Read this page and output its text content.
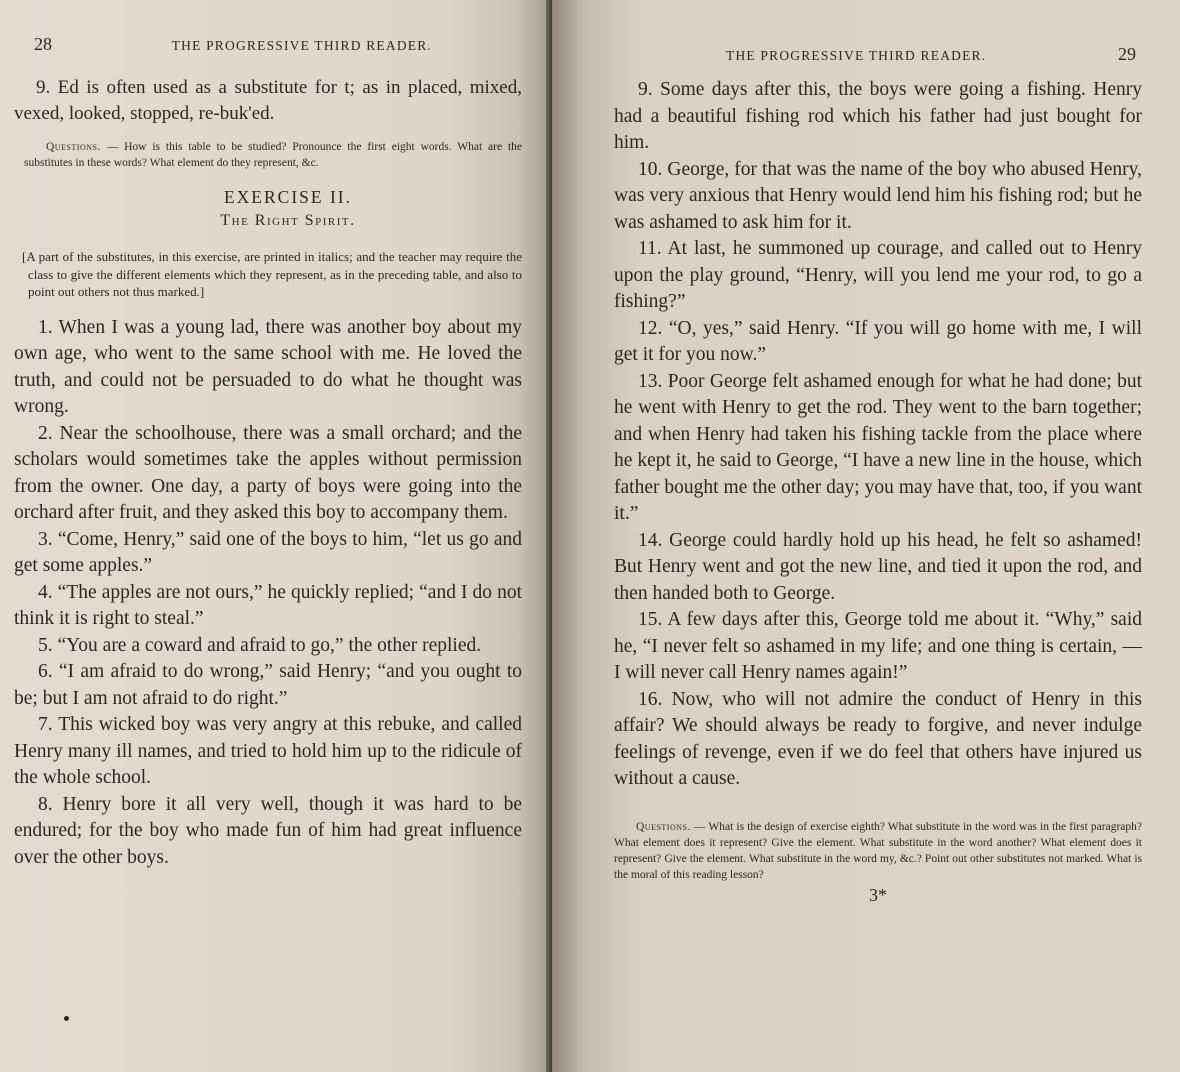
28	THE PROGRESSIVE THIRD READER.

9. Ed is often used as a substitute for t; as in placed, mixed, vexed, looked, stopped, re-buk'ed.

Questions. — How is this table to be studied? Pronounce the first eight words. What are the substitutes in these words? What element do they represent, &c.

EXERCISE II.
The Right Spirit.

[A part of the substitutes, in this exercise, are printed in italics; and the teacher may require the class to give the different elements which they represent, as in the preceding table, and also to point out others not thus marked.]

1. When I was a young lad, there was another boy about my own age, who went to the same school with me. He loved the truth, and could not be persuaded to do what he thought was wrong.

2. Near the schoolhouse, there was a small orchard; and the scholars would sometimes take the apples without permission from the owner. One day, a party of boys were going into the orchard after fruit, and they asked this boy to accompany them.

3. “Come, Henry,” said one of the boys to him, “let us go and get some apples.”

4. “The apples are not ours,” he quickly replied; “and I do not think it is right to steal.”

5. “You are a coward and afraid to go,” the other replied.

6. “I am afraid to do wrong,” said Henry; “and you ought to be; but I am not afraid to do right.”

7. This wicked boy was very angry at this rebuke, and called Henry many ill names, and tried to hold him up to the ridicule of the whole school.

8. Henry bore it all very well, though it was hard to be endured; for the boy who made fun of him had great influence over the other boys.

THE PROGRESSIVE THIRD READER.	29

9. Some days after this, the boys were going a fishing. Henry had a beautiful fishing rod which his father had just bought for him.

10. George, for that was the name of the boy who abused Henry, was very anxious that Henry would lend him his fishing rod; but he was ashamed to ask him for it.

11. At last, he summoned up courage, and called out to Henry upon the play ground, “Henry, will you lend me your rod, to go a fishing?”

12. “O, yes,” said Henry. “If you will go home with me, I will get it for you now.”

13. Poor George felt ashamed enough for what he had done; but he went with Henry to get the rod. They went to the barn together; and when Henry had taken his fishing tackle from the place where he kept it, he said to George, “I have a new line in the house, which father bought me the other day; you may have that, too, if you want it.”

14. George could hardly hold up his head, he felt so ashamed! But Henry went and got the new line, and tied it upon the rod, and then handed both to George.

15. A few days after this, George told me about it. “Why,” said he, “I never felt so ashamed in my life; and one thing is certain, — I will never call Henry names again!”

16. Now, who will not admire the conduct of Henry in this affair? We should always be ready to forgive, and never indulge feelings of revenge, even if we do feel that others have injured us without a cause.

Questions. — What is the design of exercise eighth? What substitute in the word was in the first paragraph? What element does it represent? Give the element. What substitute in the word another? What element does it represent? Give the element. What substitute in the word my, &c.? Point out other substitutes not marked. What is the moral of this reading lesson?

3*
